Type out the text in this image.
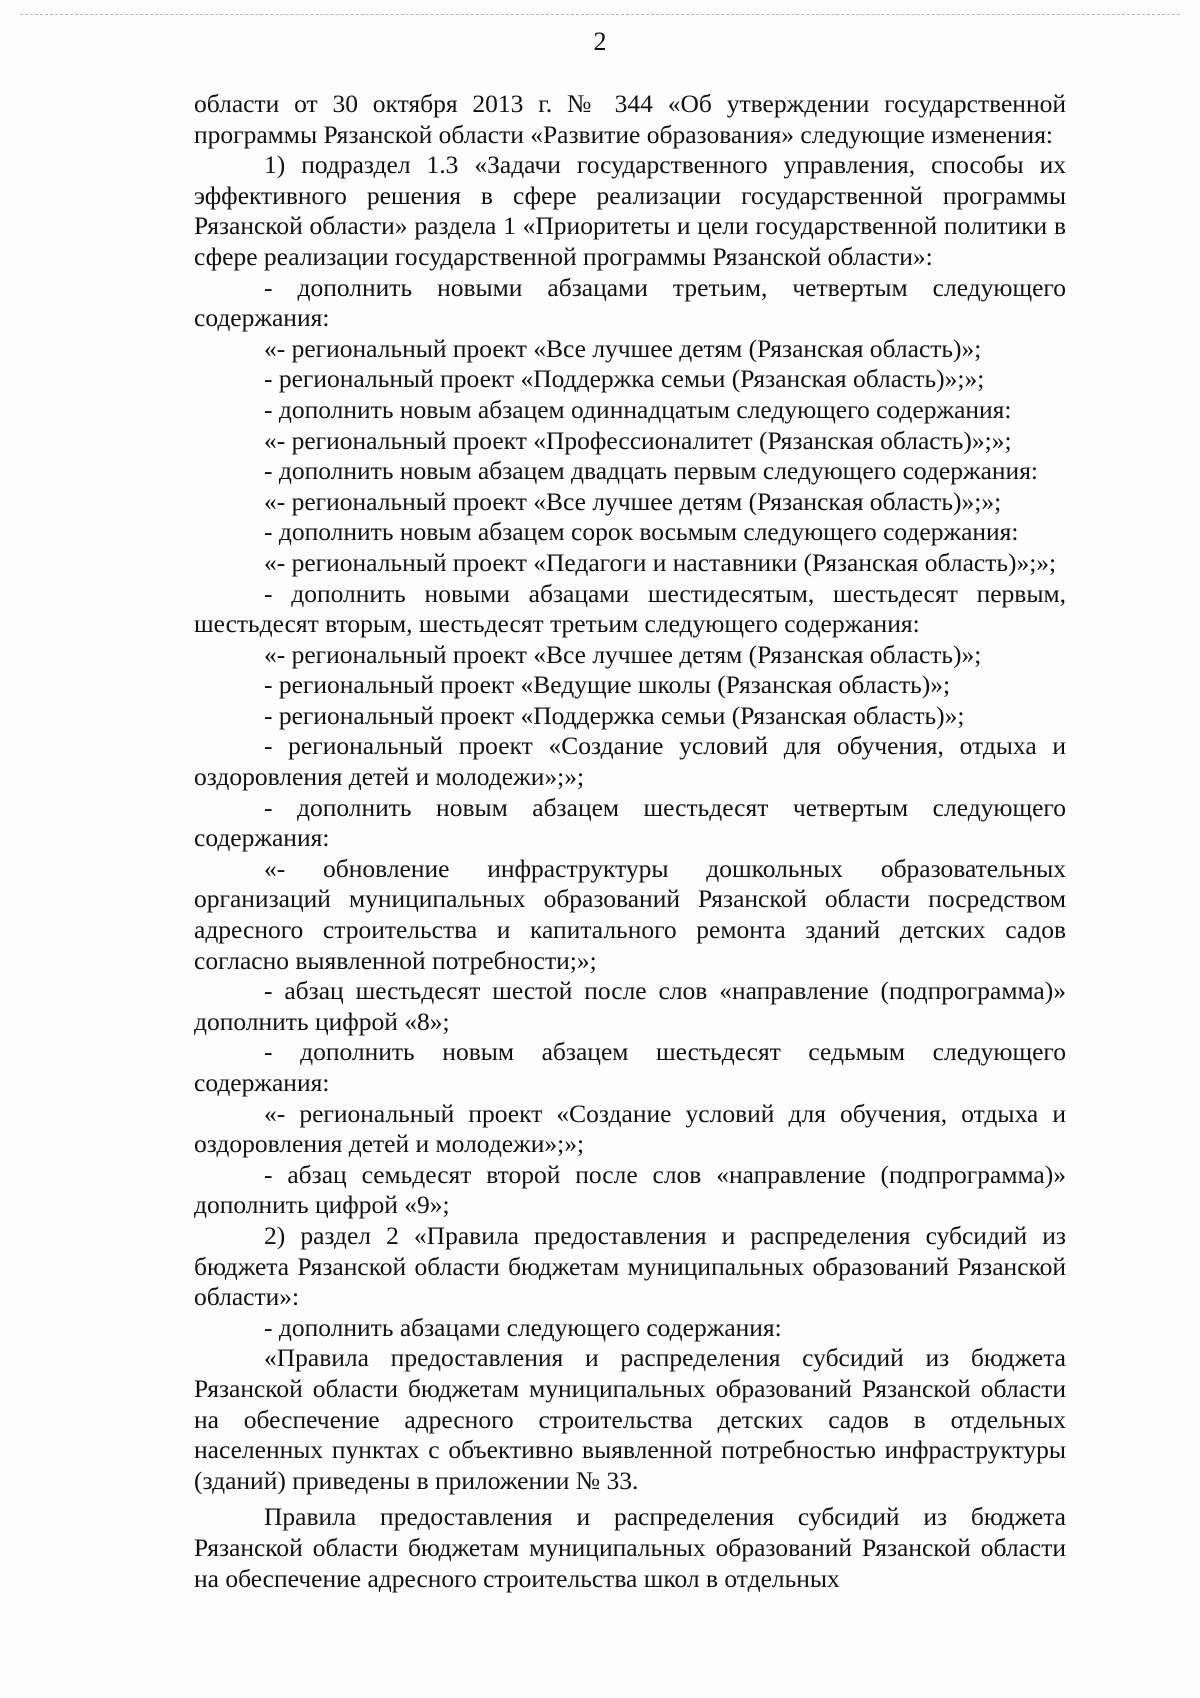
2

области от 30 октября 2013 г. № 344 «Об утверждении государственной программы Рязанской области «Развитие образования» следующие изменения:

1) подраздел 1.3 «Задачи государственного управления, способы их эффективного решения в сфере реализации государственной программы Рязанской области» раздела 1 «Приоритеты и цели государственной политики в сфере реализации государственной программы Рязанской области»:

- дополнить новыми абзацами третьим, четвертым следующего содержания:

«- региональный проект «Все лучшее детям (Рязанская область)»;

- региональный проект «Поддержка семьи (Рязанская область)»;»;

- дополнить новым абзацем одиннадцатым следующего содержания:

«- региональный проект «Профессионалитет (Рязанская область)»;»;

- дополнить новым абзацем двадцать первым следующего содержания:

«- региональный проект «Все лучшее детям (Рязанская область)»;»;

- дополнить новым абзацем сорок восьмым следующего содержания:

«- региональный проект «Педагоги и наставники (Рязанская область)»;»;

- дополнить новыми абзацами шестидесятым, шестьдесят первым, шестьдесят вторым, шестьдесят третьим следующего содержания:

«- региональный проект «Все лучшее детям (Рязанская область)»;

- региональный проект «Ведущие школы (Рязанская область)»;

- региональный проект «Поддержка семьи (Рязанская область)»;

- региональный проект «Создание условий для обучения, отдыха и оздоровления детей и молодежи»;»;

- дополнить новым абзацем шестьдесят четвертым следующего содержания:

«- обновление инфраструктуры дошкольных образовательных организаций муниципальных образований Рязанской области посредством адресного строительства и капитального ремонта зданий детских садов согласно выявленной потребности;»;

- абзац шестьдесят шестой после слов «направление (подпрограмма)» дополнить цифрой «8»;

- дополнить новым абзацем шестьдесят седьмым следующего содержания:

«- региональный проект «Создание условий для обучения, отдыха и оздоровления детей и молодежи»;»;

- абзац семьдесят второй после слов «направление (подпрограмма)» дополнить цифрой «9»;

2) раздел 2 «Правила предоставления и распределения субсидий из бюджета Рязанской области бюджетам муниципальных образований Рязанской области»:

- дополнить абзацами следующего содержания:

«Правила предоставления и распределения субсидий из бюджета Рязанской области бюджетам муниципальных образований Рязанской области на обеспечение адресного строительства детских садов в отдельных населенных пунктах с объективно выявленной потребностью инфраструктуры (зданий) приведены в приложении № 33.

Правила предоставления и распределения субсидий из бюджета Рязанской области бюджетам муниципальных образований Рязанской области на обеспечение адресного строительства школ в отдельных
